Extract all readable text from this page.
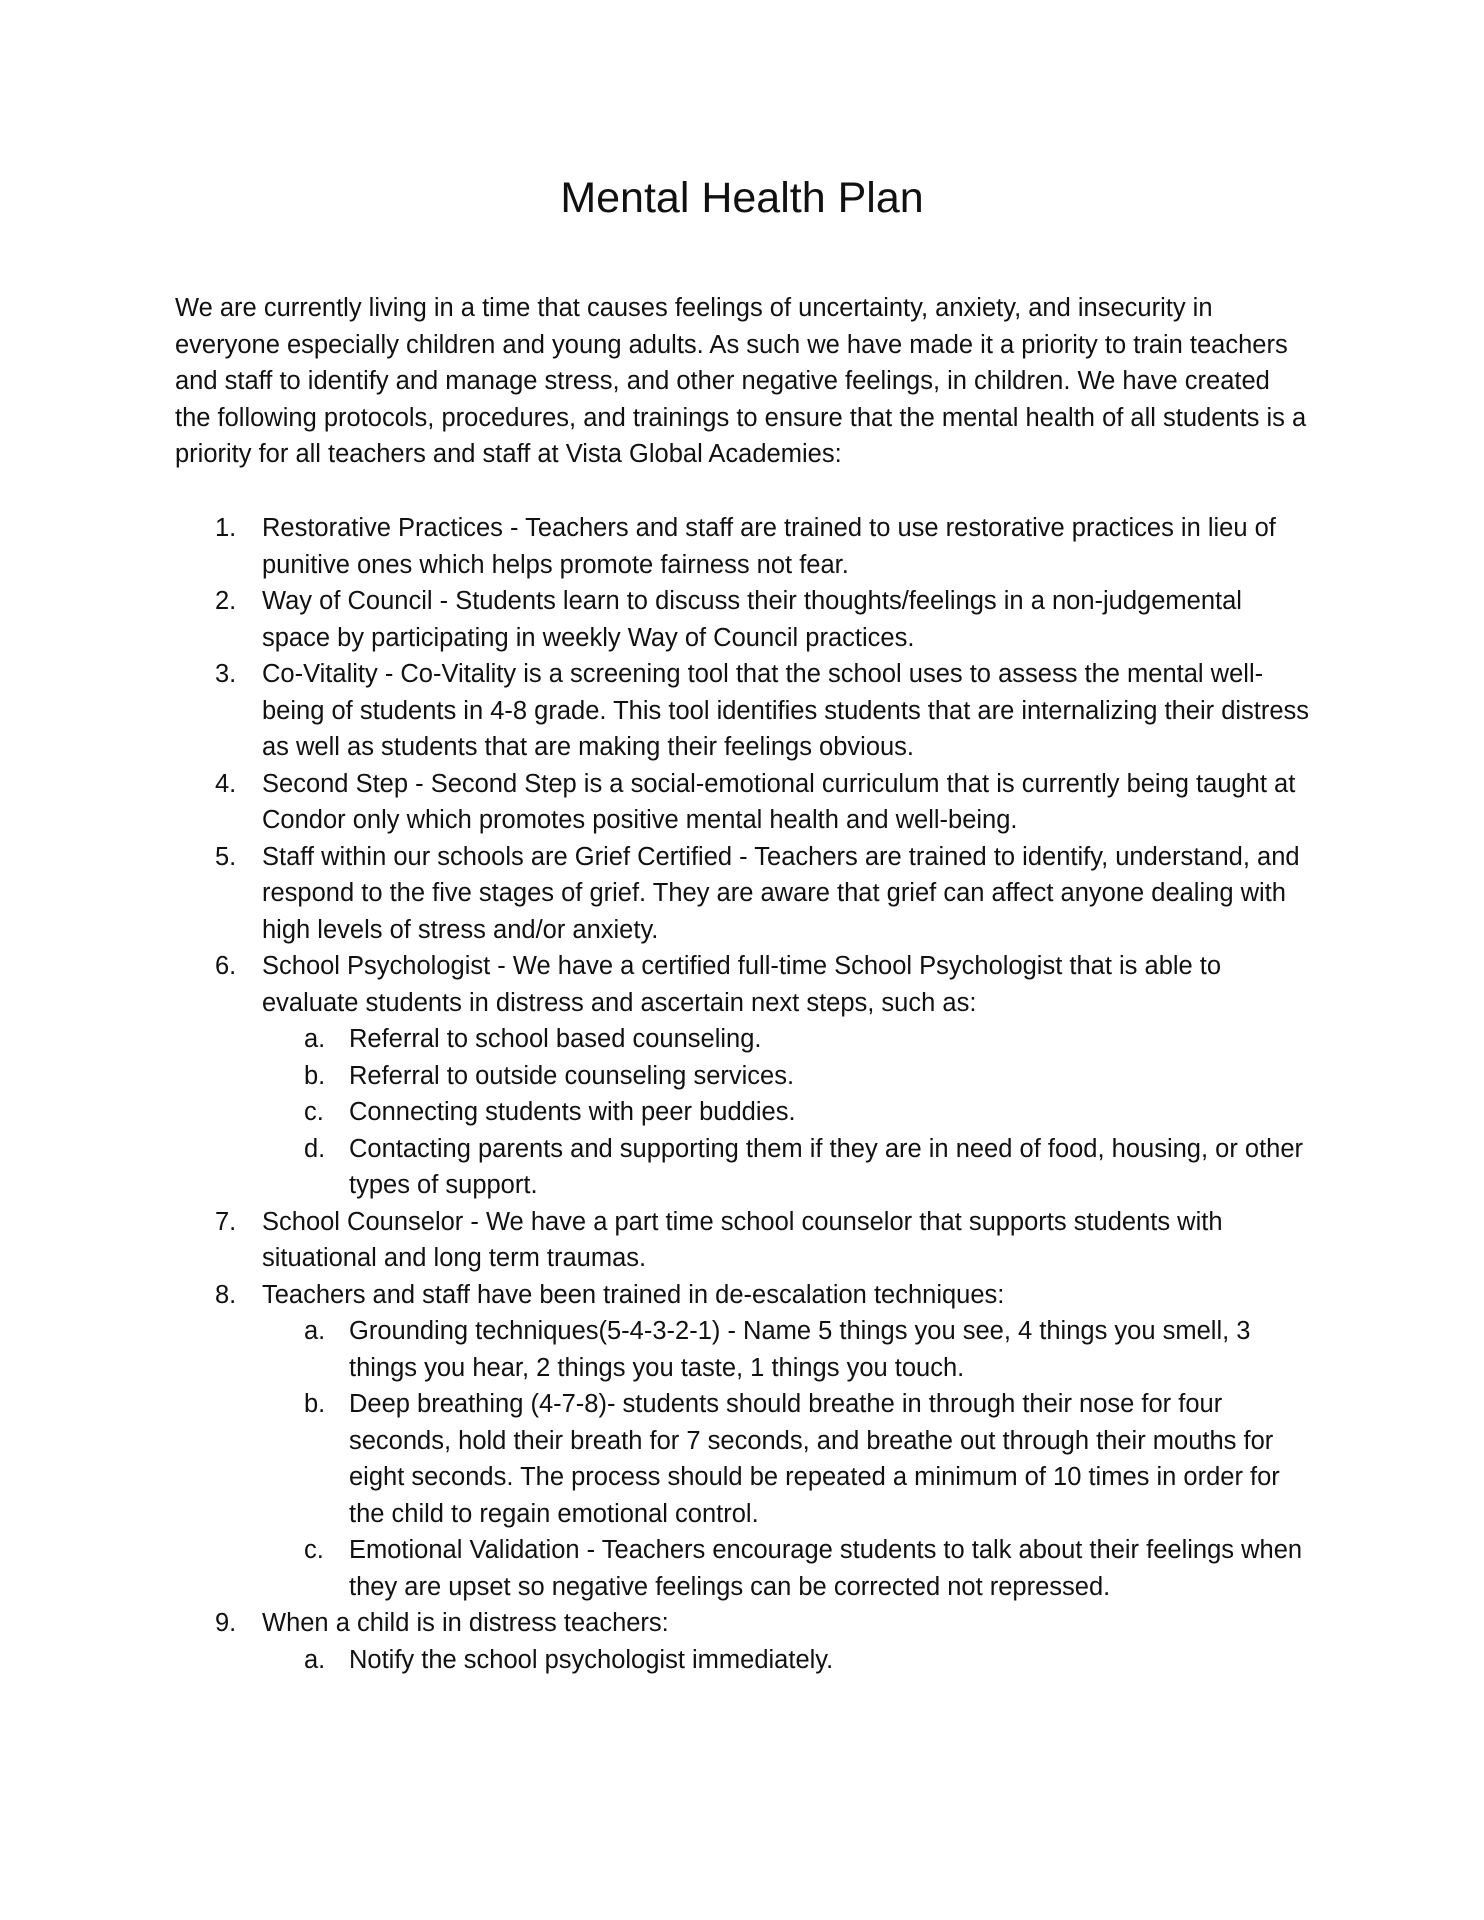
Mental Health Plan

We are currently living in a time that causes feelings of uncertainty, anxiety, and insecurity in everyone especially children and young adults. As such we have made it a priority to train teachers and staff to identify and manage stress, and other negative feelings, in children. We have created the following protocols, procedures, and trainings to ensure that the mental health of all students is a priority for all teachers and staff at Vista Global Academies:

1. Restorative Practices - Teachers and staff are trained to use restorative practices in lieu of punitive ones which helps promote fairness not fear.
2. Way of Council - Students learn to discuss their thoughts/feelings in a non-judgemental space by participating in weekly Way of Council practices.
3. Co-Vitality - Co-Vitality is a screening tool that the school uses to assess the mental well-being of students in 4-8 grade. This tool identifies students that are internalizing their distress as well as students that are making their feelings obvious.
4. Second Step - Second Step is a social-emotional curriculum that is currently being taught at Condor only which promotes positive mental health and well-being.
5. Staff within our schools are Grief Certified - Teachers are trained to identify, understand, and respond to the five stages of grief. They are aware that grief can affect anyone dealing with high levels of stress and/or anxiety.
6. School Psychologist - We have a certified full-time School Psychologist that is able to evaluate students in distress and ascertain next steps, such as:
a. Referral to school based counseling.
b. Referral to outside counseling services.
c. Connecting students with peer buddies.
d. Contacting parents and supporting them if they are in need of food, housing, or other types of support.
7. School Counselor - We have a part time school counselor that supports students with situational and long term traumas.
8. Teachers and staff have been trained in de-escalation techniques:
a. Grounding techniques(5-4-3-2-1) - Name 5 things you see, 4 things you smell, 3 things you hear, 2 things you taste, 1 things you touch.
b. Deep breathing (4-7-8)- students should breathe in through their nose for four seconds, hold their breath for 7 seconds, and breathe out through their mouths for eight seconds. The process should be repeated a minimum of 10 times in order for the child to regain emotional control.
c. Emotional Validation - Teachers encourage students to talk about their feelings when they are upset so negative feelings can be corrected not repressed.
9. When a child is in distress teachers:
a. Notify the school psychologist immediately.
